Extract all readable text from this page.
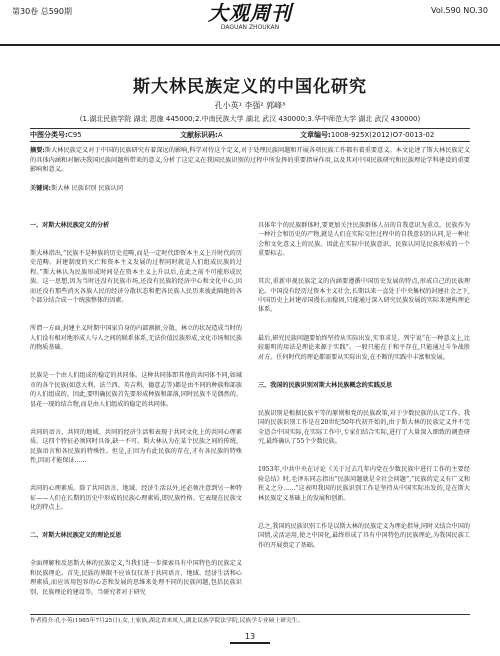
第30卷 总590期	大观周刊
DAGUAN ZHOUKAN
Vol.590 NO.30
斯大林民族定义的中国化研究
孔小英¹ 李强² 郭峰³
(1.湖北民族学院 湖北 恩施 445000;2.中南民族大学 湖北 武汉 430000;3.华中师范大学 湖北 武汉 430000)
中图分类号:C95	文献标识码:A	文章编号:1008-925X(2012)O7-0013-02
摘要:斯大林民族定义对于中国的民族研究有着深远的影响,科学对待这个定义,对于处理民族问题和开展各项民族工作都有着重要意义。本文论述了斯大林民族定义的具体内涵和对解决我国民族问题所带来的意义,分析了这定义在我国民族识别的过程中所发挥的重要指导作用,以及其对中国民族研究和民族理论学科建设的重要影响和意义。
关键词:斯大林 民族识别 民族认同

一、对斯大林民族定义的分析

斯大林指出,“民族不是种族的历史范畴,而是一定时代即资本主义上升时代的历史范畴。封建制度的灭亡和资本主义发展的过程同时就是人们组成民族的过程。”斯大林认为民族形成时间是在资本主义上升以后,在此之前不可能形成民族。这一思想,因为当时还没有民族市场,还没有民族的经济中心和文化中心,因而还没有那些消灭各族人民的经济分散状态和把各民族人民历来彼此隔绝的各个部分结合成一个统族整体的因素。

所谓一方面,封建主义时期中国家自身的内部割据,分散、林立的状况造成当时的人们没有相对地形成人与人之间的联系体系,无法价值民族形成,文化市场和民族的物质基础。

民族是一个由人们组成的稳定的共同体。这种共同体即其他的共同体不同,如城市的各个民族(如意大利、法兰西、英吉利、德意志等)都是由不同的种族和部族的人们组成的。因此,要明确民族首先要形成种族和部落,同时民族不是偶然的、昙花一现的结合物,而是由人们组成的稳定的共同体。

共同的语言、共同的地域、共同的经济生活和表现于共同文化上的共同心理素质。这四个特征必须同时具备,缺一不可。斯大林认为在某个民族之间的传统、民族语言和各民族的特殊性。但是,正因为有此民族的存在,才有各民族的特殊性,因而才能保证……

共同的心理素质。除了共同语言、地域、经济生活以外,还必须注意到另一种特征——人们在长期的历史中形成的民族心理素质,即民族性格。它表现在民族文化的特点上。

二、对斯大林民族定义的理论反思

全面理解和反思斯大林的民族定义,当我们进一步探索具有中国特色的民族定义和民族理论。首先,民族的界限不应该仅仅基于共同语言、地域、经济生活和心理素质,而应该用包容的心态和发展的思维来处理不同的民族问题,包括民族识别、民族理论的建设等。当研究者对于研究

具体年个的民族群体时,要更加关注民族群体人员的自我意识为重点。民族作为一种社会和历史的产物,就是人们在实际交往过程中的自我意识的认同,是一种社会和文化意义上的民族。因此在实际中民族意识、民族认同是民族形成的一个重要标志。

其次,重新审视民族定义的内涵要遵循中国历史发展的特点,形成自己的民族理论。中国没有经历过资本主义社会,长期以来一直处于中央集权的封建社会之下,中国历史上封建帝国漫长而稳固,只能通过深入研究民族发展的实际来建构理论体系。

最后,研究民族问题要始终坚持从实际出发,实事求是。列宁说“在一种意义上,比较聪明的用法是理论来源于实践”。一般只能在于和平存在,只能通过斗争战胜对方。任何时代的理论都需要从实际出发,在不断的实践中丰富和发展。

三、我国的民族识别对斯大林民族概念的实践反思

民族识别是根据民族平等的原则和党的民族政策,对于少数民族的认定工作。我国的民族识别工作是在20世纪50年代初开始的,由于斯大林的民族定义并不完全适合中国实际,在实际工作中,专家们结合实际,进行了大量深入细致的调查研究,最终确认了55个少数民族。

1953年,中共中央在讨论《关于过去几年内党在少数民族中进行工作的主要经验总结》时,毛泽东同志指出“民族问题就是全社会问题”,“民族的定义有广义和狭义之分……”这表明我国的民族识别工作是坚持从中国实际出发的,是在斯大林民族定义基础上的发展和创新。

总之,我国的民族识别工作是以斯大林的民族定义为理论指导,同时又结合中国的国情,灵活运用,使之中国化,最终形成了具有中国特色的民族理论,为我国民族工作的开展奠定了基础。

作者简介:孔小英(1985年7月25日),女,土家族,湖北省来凤人,湖北民族学院法学院,民族学专业硕士研究生。
13
